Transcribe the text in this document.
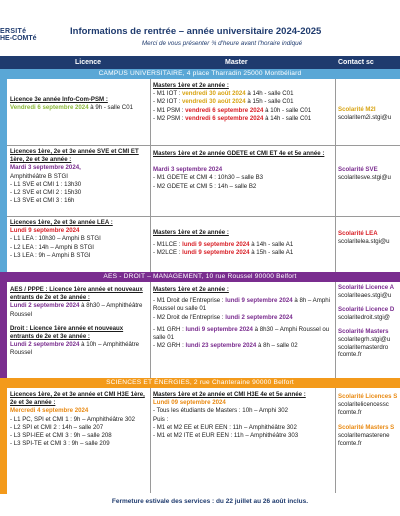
ERSITé
HE-COMTé
Informations de rentrée – année universitaire 2024-2025
Merci de vous présenter ¾ d'heure avant l'horaire indiqué
Licence	Master	Contact sc
CAMPUS UNIVERSITAIRE, 4 place Tharradin 25000 Montbéliard
Licence 3e année Info-Com-PSM :
Vendredi 6 septembre 2024 à 9h - salle C01
Masters 1ère et 2e année :
- M1 IOT : vendredi 30 août 2024 à 14h - salle C01
- M2 IOT : vendredi 30 août 2024 à 15h - salle C01
- M1 PSM : vendredi 6 septembre 2024 à 10h - salle C01
- M2 PSM : vendredi 6 septembre 2024 à 14h - salle C01
Scolarité M2I
scolaritem2i.stgi@u
Licences 1ère, 2e et 3e année SVE et CMI ET 1ère, 2e et 3e année :
Mardi 3 septembre 2024,
Amphithéâtre B STGI
- L1 SVE et CMI 1 : 13h30
- L2 SVE et CMI 2 : 15h30
- L3 SVE et CMI 3 : 16h
Masters 1ère et 2e année GDETE et CMI ET 4e et 5e année :
Mardi 3 septembre 2024
- M1 GDETE et CMI 4 : 10h30 – salle B3
- M2 GDETE et CMI 5 : 14h – salle B2
Scolarité SVE
scolaritesve.stgi@u
Licences 1ère, 2e et 3e année LEA :
Lundi 9 septembre 2024
- L1 LEA : 10h30 – Amphi B STGI
- L2 LEA : 14h – Amphi B STGI
- L3 LEA : 9h – Amphi B STGI
Masters 1ère et 2e année :
- M1LCE : lundi 9 septembre 2024 à 14h - salle A1
- M2LCE : lundi 9 septembre 2024 à 15h - salle A1
Scolarité LEA
scolaritelea.stgi@u
AES - DROIT – MANAGEMENT, 10 rue Roussel 90000 Belfort
AES / PPPE : Licence 1ère année et nouveaux entrants de 2e et 3e année :
Lundi 2 septembre 2024 à 8h30 – Amphithéâtre Roussel
Droit : Licence 1ère année et nouveaux entrants de 2e et 3e année :
Lundi 2 septembre 2024 à 10h – Amphithéâtre Roussel
Masters 1ère et 2e année :
- M1 Droit de l'Entreprise : lundi 9 septembre 2024 à 8h – Amphi Roussel ou salle 01
- M2 Droit de l'Entreprise : lundi 2 septembre 2024
- M1 GRH : lundi 9 septembre 2024 à 8h30 – Amphi Roussel ou salle 01
- M2 GRH : lundi 23 septembre 2024 à 8h – salle 02
Scolarité Licence A
scolariteaes.stgi@u
Scolarité Licence D
scolaritedroit.stgi@
Scolarité Masters
scolaritegrh.stgi@u
scolaritemasterdro
fcomte.fr
SCIENCES ET ÉNERGIES, 2 rue Chanteraine 90000 Belfort
Licences 1ère, 2e et 3e année et CMI H3E 1ère, 2e et 3e année :
Mercredi 4 septembre 2024
- L1 PC, SPI et CMI 1 : 9h – Amphithéâtre 302
- L2 SPI et CMI 2 : 14h – salle 207
- L3 SPI-IEE et CMI 3 : 9h – salle 208
- L3 SPI-TE et CMI 3 : 9h – salle 209
Masters 1ère et 2e année et CMI H3E 4e et 5e année :
Lundi 09 septembre 2024
- Tous les étudiants de Masters : 10h – Amphi 302
Puis :
- M1 et M2 EE et EUR EEN : 11h – Amphithéâtre 302
- M1 et M2 ITE et EUR EEN : 11h – Amphithéâtre 303
Scolarité Licences S
scolaritelicencessc
fcomte.fr
Scolarité Masters S
scolaritemasterene
fcomte.fr
Fermeture estivale des services : du 22 juillet au 26 août inclus.
